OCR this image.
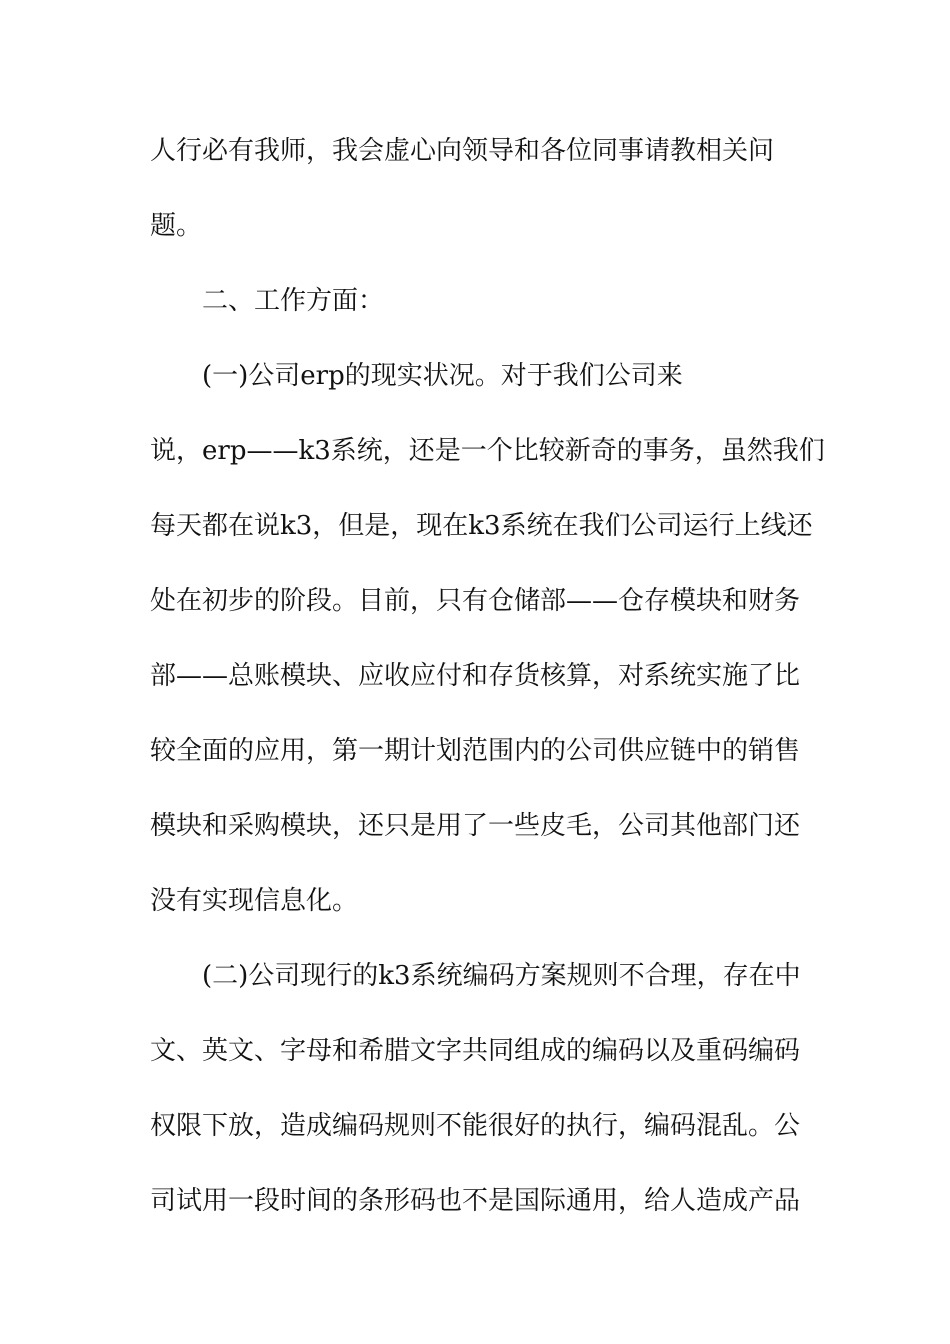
人行必有我师，我会虚心向领导和各位同事请教相关问
题。
二、工作方面：
(一)公司erp的现实状况。对于我们公司来
说，erp——k3系统，还是一个比较新奇的事务，虽然我们
每天都在说k3，但是，现在k3系统在我们公司运行上线还
处在初步的阶段。目前，只有仓储部——仓存模块和财务
部——总账模块、应收应付和存货核算，对系统实施了比
较全面的应用，第一期计划范围内的公司供应链中的销售
模块和采购模块，还只是用了一些皮毛，公司其他部门还
没有实现信息化。
(二)公司现行的k3系统编码方案规则不合理，存在中
文、英文、字母和希腊文字共同组成的编码以及重码编码
权限下放，造成编码规则不能很好的执行，编码混乱。公
司试用一段时间的条形码也不是国际通用，给人造成产品
